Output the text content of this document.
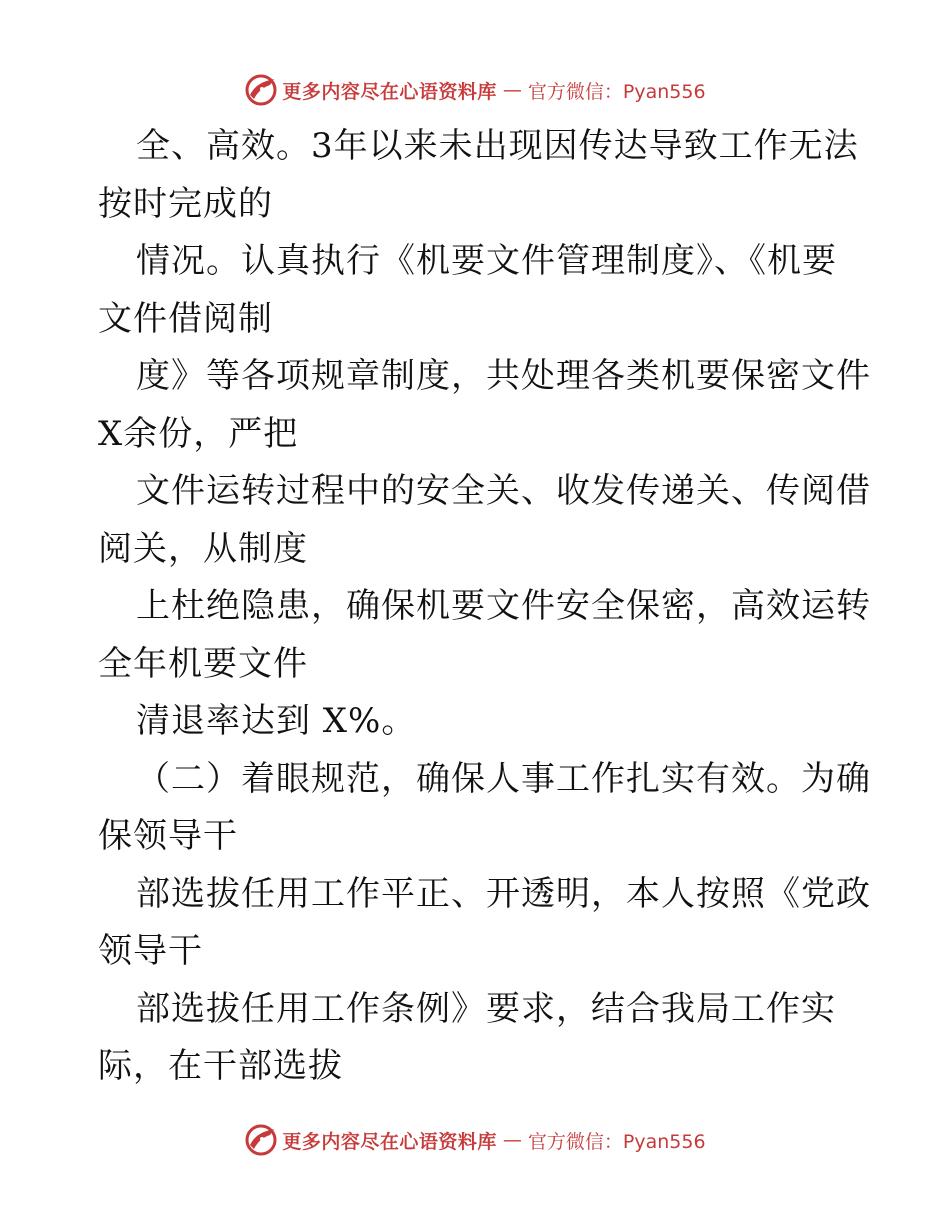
更多内容尽在心语资料库 — 官方微信：Pyan556
全、高效。3年以来未出现因传达导致工作无法
按时完成的
情况。认真执行《机要文件管理制度》、《机要
文件借阅制
度》等各项规章制度，共处理各类机要保密文件
X余份，严把
文件运转过程中的安全关、收发传递关、传阅借
阅关，从制度
上杜绝隐患，确保机要文件安全保密，高效运转
全年机要文件
清退率达到 X%。
（二）着眼规范，确保人事工作扎实有效。为确
保领导干
部选拔任用工作平正、开透明，本人按照《党政
领导干
部选拔任用工作条例》要求，结合我局工作实
际，在干部选拔
更多内容尽在心语资料库 — 官方微信：Pyan556
